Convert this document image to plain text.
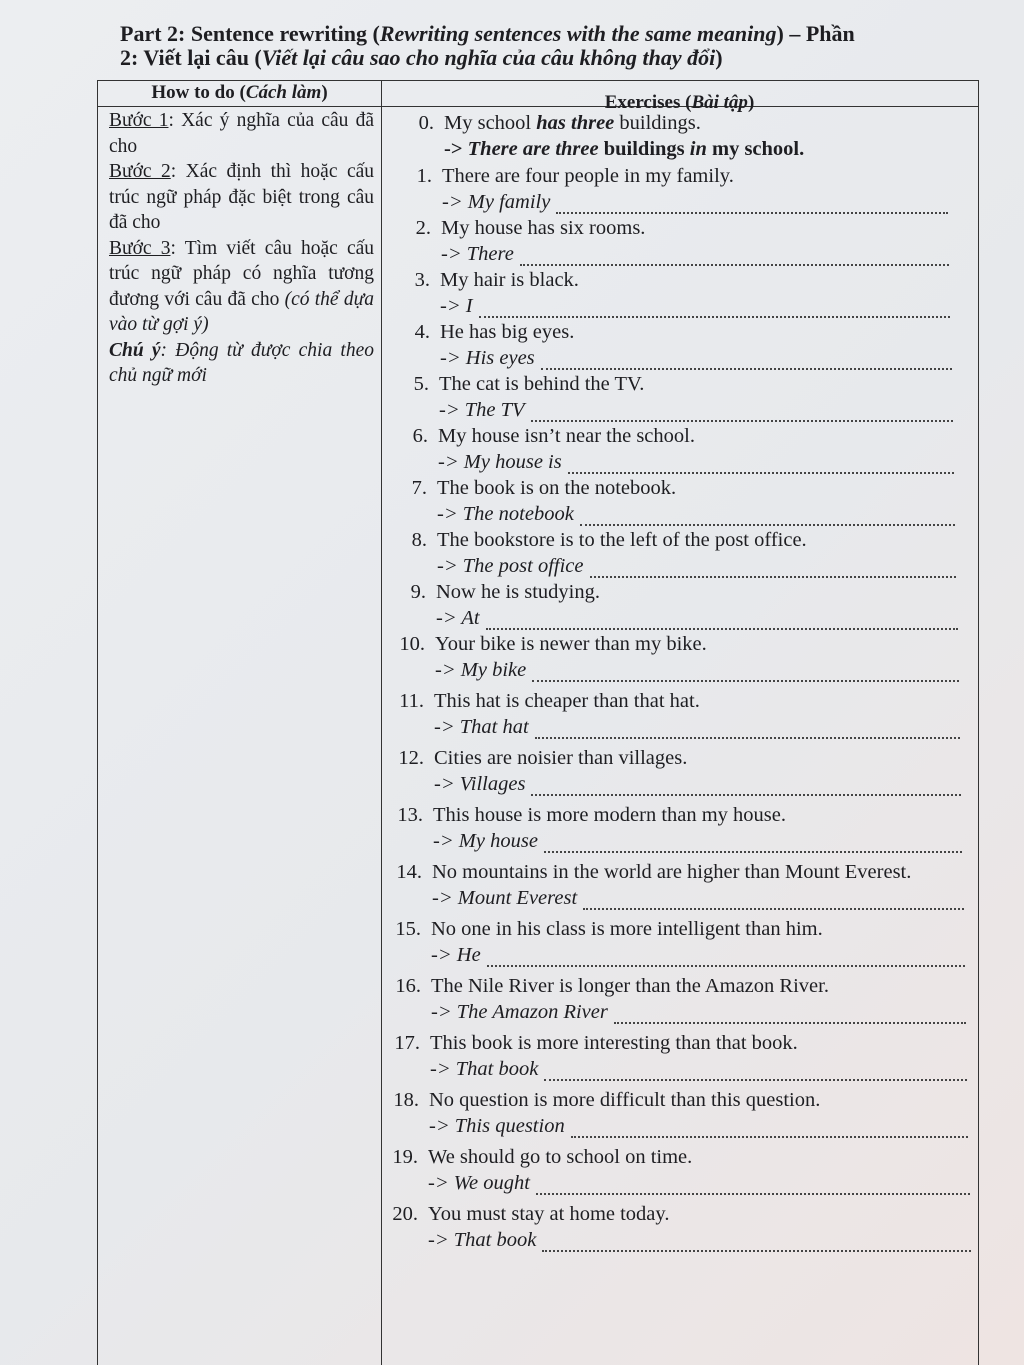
Part 2: Sentence rewriting (Rewriting sentences with the same meaning) – Phần
2: Viết lại câu (Viết lại câu sao cho nghĩa của câu không thay đổi)
How to do (Cách làm)	Exercises (Bài tập)
Bước 1: Xác ý nghĩa của câu đã cho
Bước 2: Xác định thì hoặc cấu trúc ngữ pháp đặc biệt trong câu đã cho
Bước 3: Tìm viết câu hoặc cấu trúc ngữ pháp có nghĩa tương đương với câu đã cho (có thể dựa vào từ gợi ý)
Chú ý: Động từ được chia theo chủ ngữ mới
0. My school has three buildings.
-> There are three buildings in my school.
1. There are four people in my family.
-> My family
2. My house has six rooms.
-> There
3. My hair is black.
-> I
4. He has big eyes.
-> His eyes
5. The cat is behind the TV.
-> The TV
6. My house isn’t near the school.
-> My house is
7. The book is on the notebook.
-> The notebook
8. The bookstore is to the left of the post office.
-> The post office
9. Now he is studying.
-> At
10. Your bike is newer than my bike.
-> My bike
11. This hat is cheaper than that hat.
-> That hat
12. Cities are noisier than villages.
-> Villages
13. This house is more modern than my house.
-> My house
14. No mountains in the world are higher than Mount Everest.
-> Mount Everest
15. No one in his class is more intelligent than him.
-> He
16. The Nile River is longer than the Amazon River.
-> The Amazon River
17. This book is more interesting than that book.
-> That book
18. No question is more difficult than this question.
-> This question
19. We should go to school on time.
-> We ought
20. You must stay at home today.
-> That book
